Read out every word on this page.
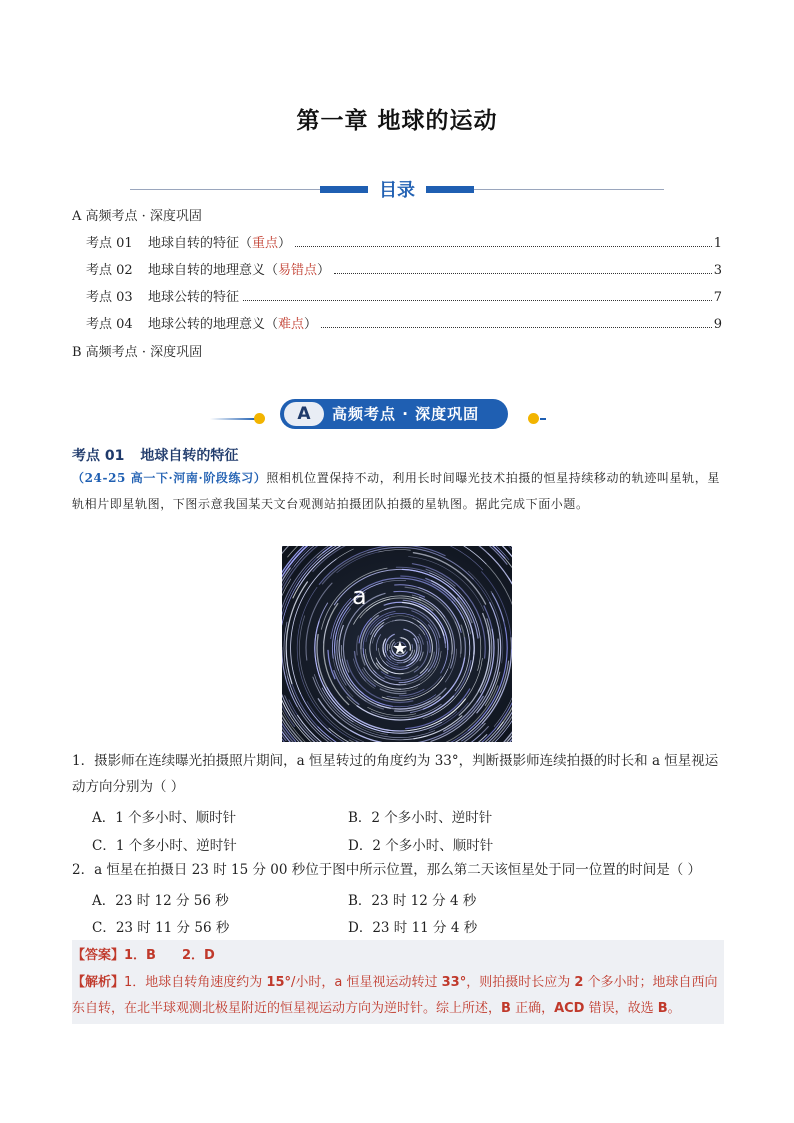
第一章 地球的运动
目录
A 高频考点 · 深度巩固
考点 01	地球自转的特征 （ 重点 ）	1
考点 02	地球自转的地理意义 （ 易错点 ）	3
考点 03	地球公转的特征	7
考点 04	地球公转的地理意义 （ 难点 ）	9
B 高频考点 · 深度巩固
A	高频考点 · 深度巩固
考点 01 地球自转的特征
（24-25 高一下·河南·阶段练习）照相机位置保持不动，利用长时间曝光技术拍摄的恒星持续移动的轨迹叫星轨，星轨相片即星轨图，下图示意我国某天文台观测站拍摄团队拍摄的星轨图。据此完成下面小题。
★
a
1．摄影师在连续曝光拍摄照片期间，a 恒星转过的角度约为 33°，判断摄影师连续拍摄的时长和 a 恒星视运动方向分别为（ ）
A．1 个多小时、顺时针	B．2 个多小时、逆时针
C．1 个多小时、逆时针	D．2 个多小时、顺时针
2．a 恒星在拍摄日 23 时 15 分 00 秒位于图中所示位置，那么第二天该恒星处于同一位置的时间是（ ）
A．23 时 12 分 56 秒	B．23 时 12 分 4 秒
C．23 时 11 分 56 秒	D．23 时 11 分 4 秒
【答案】1．B 2．D
【解析】1．地球自转角速度约为 15°/小时，a 恒星视运动转过 33°，则拍摄时长应为 2 个多小时；地球自西向东自转，在北半球观测北极星附近的恒星视运动方向为逆时针。综上所述，B 正确，ACD 错误，故选 B。
